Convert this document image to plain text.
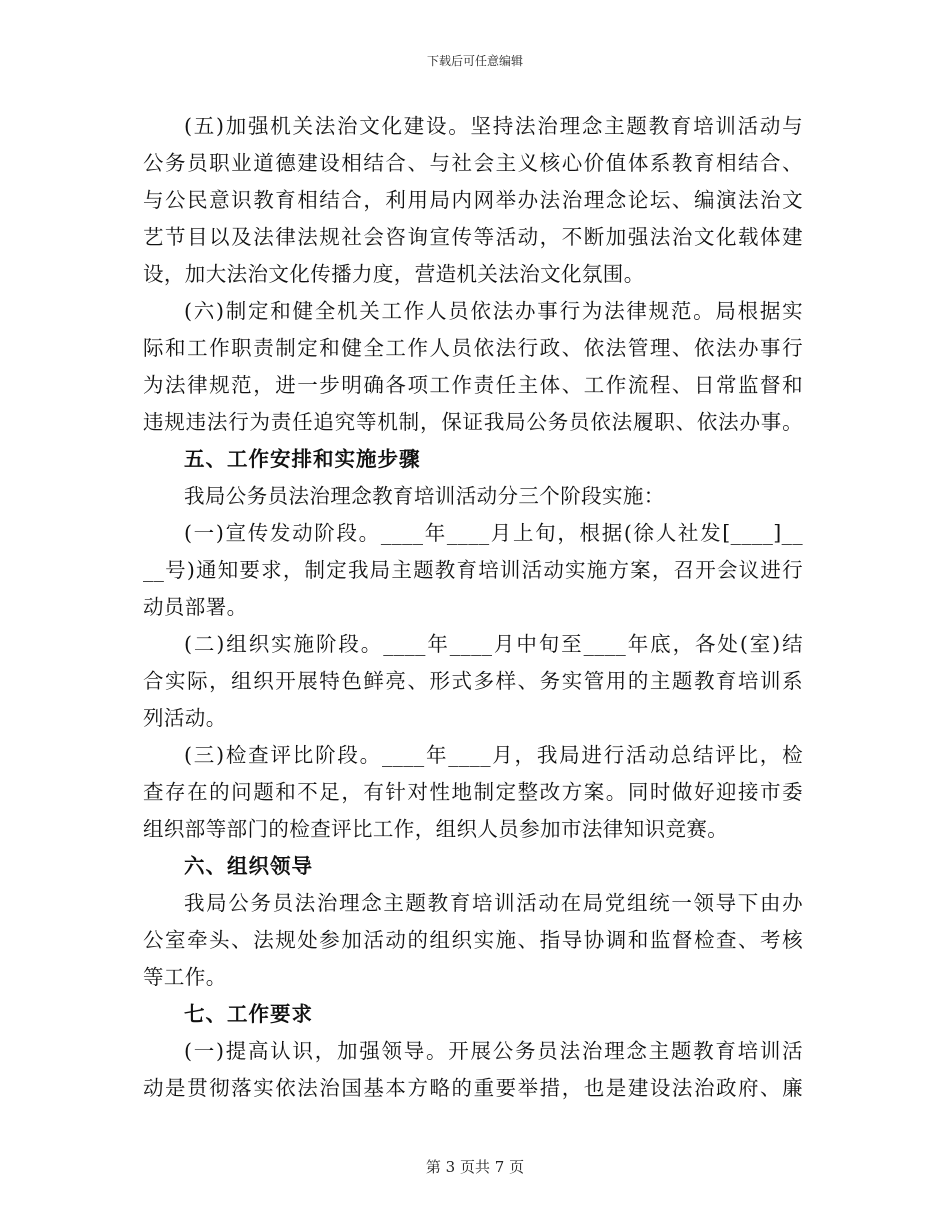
下载后可任意编辑
(五)加强机关法治文化建设。坚持法治理念主题教育培训活动与
公务员职业道德建设相结合、与社会主义核心价值体系教育相结合、
与公民意识教育相结合，利用局内网举办法治理念论坛、编演法治文
艺节目以及法律法规社会咨询宣传等活动，不断加强法治文化载体建
设，加大法治文化传播力度，营造机关法治文化氛围。
(六)制定和健全机关工作人员依法办事行为法律规范。局根据实
际和工作职责制定和健全工作人员依法行政、依法管理、依法办事行
为法律规范，进一步明确各项工作责任主体、工作流程、日常监督和
违规违法行为责任追究等机制，保证我局公务员依法履职、依法办事。
五、工作安排和实施步骤
我局公务员法治理念教育培训活动分三个阶段实施：
(一)宣传发动阶段。____年____月上旬，根据(徐人社发[____]__
__号)通知要求，制定我局主题教育培训活动实施方案，召开会议进行
动员部署。
(二)组织实施阶段。____年____月中旬至____年底，各处(室)结
合实际，组织开展特色鲜亮、形式多样、务实管用的主题教育培训系
列活动。
(三)检查评比阶段。____年____月，我局进行活动总结评比，检
查存在的问题和不足，有针对性地制定整改方案。同时做好迎接市委
组织部等部门的检查评比工作，组织人员参加市法律知识竞赛。
六、组织领导
我局公务员法治理念主题教育培训活动在局党组统一领导下由办
公室牵头、法规处参加活动的组织实施、指导协调和监督检查、考核
等工作。
七、工作要求
(一)提高认识，加强领导。开展公务员法治理念主题教育培训活
动是贯彻落实依法治国基本方略的重要举措，也是建设法治政府、廉
第 3 页共 7 页
